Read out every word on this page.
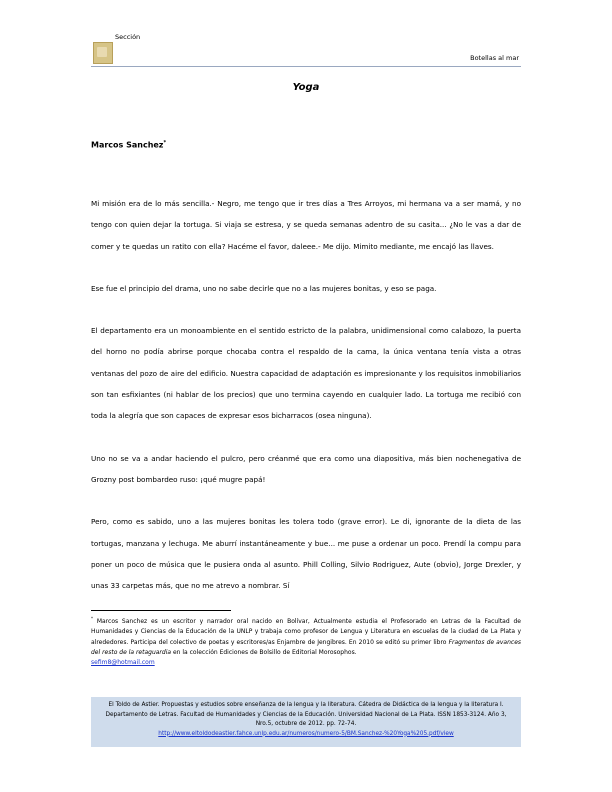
Sección
Botellas al mar
Yoga
Marcos Sanchez*

Mi misión era de lo más sencilla.- Negro, me tengo que ir tres días a Tres Arroyos, mi hermana va a ser mamá, y no tengo con quien dejar la tortuga. Si viaja se estresa, y se queda semanas adentro de su casita... ¿No le vas a dar de comer y te quedas un ratito con ella? Hacéme el favor, daleee.- Me dijo. Mimito mediante, me encajó las llaves.

Ese fue el principio del drama, uno no sabe decirle que no a las mujeres bonitas, y eso se paga.

El departamento era un monoambiente en el sentido estricto de la palabra, unidimensional como calabozo, la puerta del horno no podía abrirse porque chocaba contra el respaldo de la cama, la única ventana tenía vista a otras ventanas del pozo de aire del edificio. Nuestra capacidad de adaptación es impresionante y los requisitos inmobiliarios son tan esfixiantes (ni hablar de los precios) que uno termina cayendo en cualquier lado. La tortuga me recibió con toda la alegría que son capaces de expresar esos bicharracos (osea ninguna).

Uno no se va a andar haciendo el pulcro, pero créanmé que era como una diapositiva, más bien nochenegativa de Grozny post bombardeo ruso: ¡qué mugre papá!

Pero, como es sabido, uno a las mujeres bonitas les tolera todo (grave error). Le di, ignorante de la dieta de las tortugas, manzana y lechuga. Me aburrí instantáneamente y bue... me puse a ordenar un poco. Prendí la compu para poner un poco de música que le pusiera onda al asunto. Phill Colling, Silvio Rodriguez, Aute (obvio), Jorge Drexler, y unas 33 carpetas más, que no me atrevo a nombrar. Sí

* Marcos Sanchez es un escritor y narrador oral nacido en Bolívar, Actualmente estudia el Profesorado en Letras de la Facultad de Humanidades y Ciencias de la Educación de la UNLP y trabaja como profesor de Lengua y Literatura en escuelas de la ciudad de La Plata y alrededores. Participa del colectivo de poetas y escritores/as Enjambre de Jengibres. En 2010 se editó su primer libro Fragmentos de avances del resto de la retaguardia en la colección Ediciones de Bolsillo de Editorial Morosophos.
sefim8@hotmail.com
El Toldo de Astier. Propuestas y estudios sobre enseñanza de la lengua y la literatura. Cátedra de Didáctica de la lengua y la literatura I. Departamento de Letras. Facultad de Humanidades y Ciencias de la Educación. Universidad Nacional de La Plata. ISSN 1853-3124. Año 3, Nro.5, octubre de 2012. pp. 72-74.
http://www.eltoldodeastier.fahce.unlp.edu.ar/numeros/numero-5/BM.Sanchez-%20Yoga%205.pdf/view
